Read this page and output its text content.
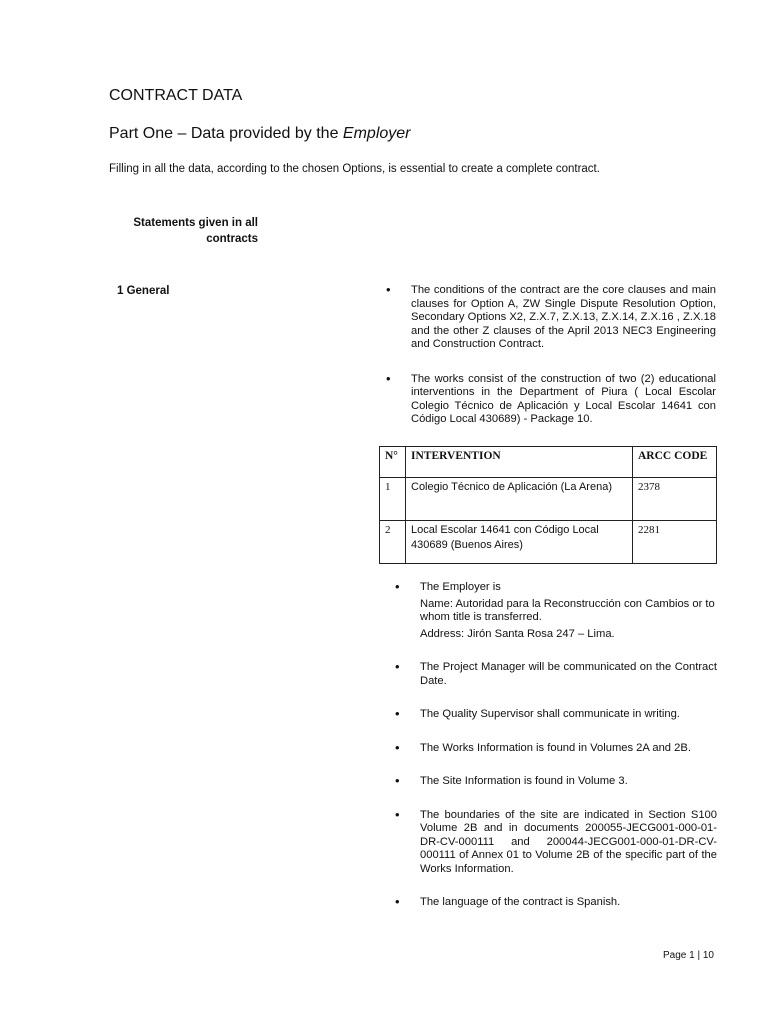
CONTRACT DATA
Part One – Data provided by the Employer
Filling in all the data, according to the chosen Options, is essential to create a complete contract.
Statements given in all contracts
1 General	• The conditions of the contract are the core clauses and main clauses for Option A, ZW Single Dispute Resolution Option, Secondary Options X2, Z.X.7, Z.X.13, Z.X.14, Z.X.16 , Z.X.18 and the other Z clauses of the April 2013 NEC3 Engineering and Construction Contract.
• The works consist of the construction of two (2) educational interventions in the Department of Piura ( Local Escolar Colegio Técnico de Aplicación y Local Escolar 14641 con Código Local 430689) - Package 10.
N°	INTERVENTION	ARCC CODE
1	Colegio Técnico de Aplicación (La Arena)	2378
2	Local Escolar 14641 con Código Local 430689 (Buenos Aires)	2281
• The Employer is
Name: Autoridad para la Reconstrucción con Cambios or to whom title is transferred.
Address: Jirón Santa Rosa 247 – Lima.
• The Project Manager will be communicated on the Contract Date.
• The Quality Supervisor shall communicate in writing.
• The Works Information is found in Volumes 2A and 2B.
• The Site Information is found in Volume 3.
• The boundaries of the site are indicated in Section S100 Volume 2B and in documents 200055-JECG001-000-01-DR-CV-000111 and 200044-JECG001-000-01-DR-CV-000111 of Annex 01 to Volume 2B of the specific part of the Works Information.
• The language of the contract is Spanish.
Page 1 | 10
